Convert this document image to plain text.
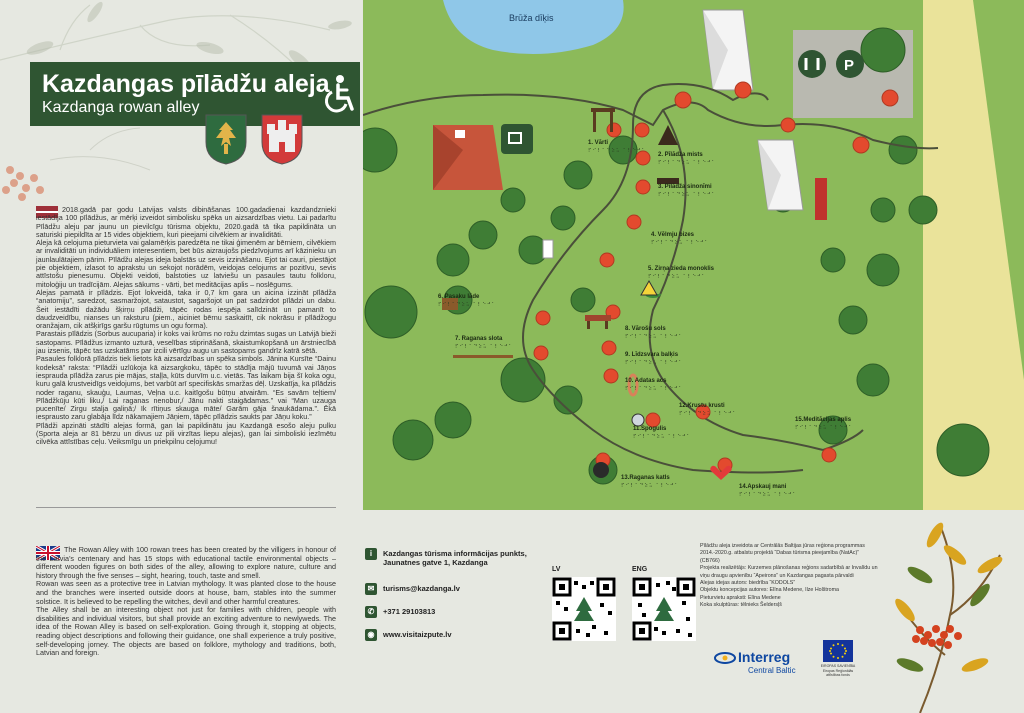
Kazdangas pīlādžu aleja
Kazdanga rowan alley

2018.gadā par godu Latvijas valsts dibināšanas 100.gadadienai kazdandznieki iestādīja 100 pīlādžus, ar mērķi izveidot simbolisku spēka un aizsardzības vietu. Lai padarītu Pīlādžu aleju par jaunu un pievilcīgu tūrisma objektu, 2020.gadā tā tika papildināta un saturiski piepildīta ar 15 vides objektiem, kuri pieejami cilvēkiem ar invaliditāti.

Aleja kā celojuma pieturvieta vai galamērķis paredzēta ne tikai ģimenēm ar bērniem, cilvēkiem ar invaliditāti un individuāliem interesentiem, bet būs aizraujošs piedzīvojums arī kāzinieku un jaunlaulātajiem pārim. Pīlādžu alejas ideja balstās uz sevis izzināšanu. Ejot tai cauri, piestājot pie objektiem, izlasot to aprakstu un sekojot norādēm, veidojas celojums ar pozitīvu, sevis attīstošu pienesumu. Objekti veidoti, balstoties uz latviešu un pasaules tautu folkloru, mitoloģiju un tradīcijām. Alejas sākums - vārti, bet meditācijas aplis – noslēgums.

Alejas pamatā ir pīlādzis. Ejot lokveidā, taka ir 0,7 km gara un aicina izzināt pīlādža “anatomiju”, saredzot, sasmaržojot, sataustot, sagaršojot un pat sadzirdot pīlādzi un dabu. Šeit iestādīti dažādu šķirņu pīlādži, tāpēc rodas iespēja salīdzināt un pamanīt to daudzveidību, nianses un raksturu (piem., aiciniet bērnu saskaitīt, cik nokrāsu ir pīlādžogu oranžajam, cik atšķirīgs garšu rūgtums un ogu forma).

Parastais pīlādzis (Sorbus aucuparia) ir koks vai krūms no rožu dzimtas sugas un Latvijā bieži sastopams. Pīlādžus izmanto uzturā, veselības stiprināšanā, skaistumkopšanā un ārstniecībā jau izsenis, tāpēc tas uzskatāms par izcili vērtīgu augu un sastopams gandrīz katrā sētā.

Pasaules folklorā pīlādzis tiek lietots kā aizsardzības un spēka simbols. Jānina Kursīte “Dainu kodeksā” raksta: “Pīlādži uzlūkoja kā aizsargkoku, tāpēc to stādīja mājū tuvumā vai Jāņos iesprauda pīlādža zarus pie mājas, staļļa, kūts durvīm u.c. vietās. Tas laikam bija šī koka ogu, kuru galā krustveidīgs veidojums, bet varbūt arī specifiskās smaržas dēļ. Uzskatīja, ka pīlādzis noder raganu, skauģu, Laumas, Veļna u.c. kaitīgošu būtņu atvairām. “Es savām teļtiem/ Pīlādžkūju kūti liku,/ Lai raganas nenobur,/ Jānu nakti staigādamas.” vai “Man uzauga pucenīte/ Zirgu stalja galiņā;/ Ik rītiņus skauga māte/ Garām gāja šnaukādama.”. Ēkā iesprausto zaru glabāja līdz nākamajiem Jāņiem, tāpēc pīlādzis saukts par Jāņu koku.”

Pīlādži apzināti stādīti alejas formā, gan lai papildinātu jau Kazdangā esošo aleju pulku (Sporta aleja ar 81 bērzu un divus uz pili virzītas liepu alejas), gan lai simboliski iezīmētu cilvēka attīstības ceļu. Veiksmīgu un priekpilnu ceļojumu!

Brūža dīķis
P
1. Vārti
⠏⠊⠇⠁⠙⠵⠥ ⠁⠇⠑⠚⠁
2. Pīlādža mists
⠏⠊⠇⠁⠙⠵⠥ ⠁⠇⠑⠚⠁
3. Pīlādža sinonīmi
⠏⠊⠇⠁⠙⠵⠥ ⠁⠇⠑⠚⠁
4. Vēlmju bizes
⠏⠊⠇⠁⠙⠵⠥ ⠁⠇⠑⠚⠁
5. Zirņa zieda monoklis
⠏⠊⠇⠁⠙⠵⠥ ⠁⠇⠑⠚⠁
6. Pasaku lāde
⠏⠊⠇⠁⠙⠵⠥ ⠁⠇⠑⠚⠁
7. Raganas slota
⠏⠊⠇⠁⠙⠵⠥ ⠁⠇⠑⠚⠁
8. Vārošu sols
⠏⠊⠇⠁⠙⠵⠥ ⠁⠇⠑⠚⠁
9. Līdzsvara balķis
⠏⠊⠇⠁⠙⠵⠥ ⠁⠇⠑⠚⠁
10. Adatas acs
⠏⠊⠇⠁⠙⠵⠥ ⠁⠇⠑⠚⠁
11.Spogulis
⠏⠊⠇⠁⠙⠵⠥ ⠁⠇⠑⠚⠁
12.Krustu krusti
⠏⠊⠇⠁⠙⠵⠥ ⠁⠇⠑⠚⠁
13.Raganas katls
⠏⠊⠇⠁⠙⠵⠥ ⠁⠇⠑⠚⠁	14.Apskauj mani
⠏⠊⠇⠁⠙⠵⠥ ⠁⠇⠑⠚⠁
15.Meditācijas aplis
⠏⠊⠇⠁⠙⠵⠥ ⠁⠇⠑⠚⠁

The Rowan Alley with 100 rowan trees has been created by the villigers in honour of the Latvia’s centenary and has 15 stops with educational tactile environmental objects – different wooden figures on both sides of the alley, allowing to explore nature, culture and history through the five senses – sight, hearing, touch, taste and smell.

Rowan was seen as a protective tree in Latvian mythology. It was planted close to the house and the branches were inserted outside doors at house, barn, stables into the summer solstice. It is believed to be repelling the witches, devil and other harmful creatures.

The Alley shall be an interesting object not just for families with children, people with disabilities and individual visitors, but shall provide an exciting adventure to newlyweds. The idea of the Rowan Alley is based on self-exploration. Going through it, stopping at objects, reading object descriptions and following their guidance, one shall experience a truly positive, self-developing jorney. The objects are based on folklore, mythology and traditions, both, Latvian and foreign.

i	Kazdangas tūrisma informācijas punkts,
Jaunatnes gatve 1, Kazdanga
✉	turisms@kazdanga.lv
✆	+371 29103813
◉	www.visitaizpute.lv
LV	ENG

Pīlādžu aleja izveidota ar Centrālās Baltijas jūras reģiona programmas 2014.-2020.g. atbalstu projektā “Dabas tūrisma pieejamība (NatAc)” (CB766)

Projekta realizētājs: Kurzemes plānošanas reģions sadarbībā ar Invalīdu un viņu draugu apvienību “Apeirons” un Kazdangas pagasta pārvaldi

Alejas idejas autors: biedrība “KODOLS”

Objektu koncepcijas autores: Elīna Medene, Ilze Holštroma

Pieturvietu apraksti: Elīna Medene

Koka skulptūras: tēlnieks Šeldersļš

Interreg
Central Baltic	EIROPAS SAVIENĪBA Eiropas Reģionālās attīstības fonds
